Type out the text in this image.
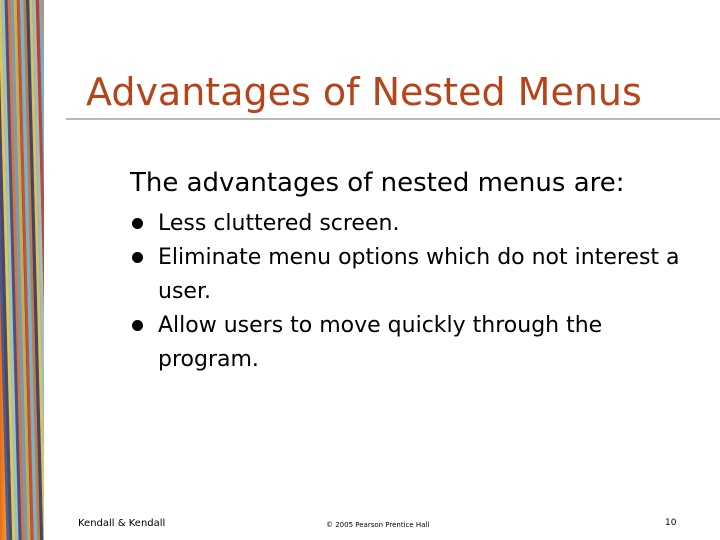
Advantages of Nested Menus

The advantages of nested menus are:

Less cluttered screen.
Eliminate menu options which do not interest a user.
Allow users to move quickly through the program.
Kendall & Kendall	© 2005 Pearson Prentice Hall	10
